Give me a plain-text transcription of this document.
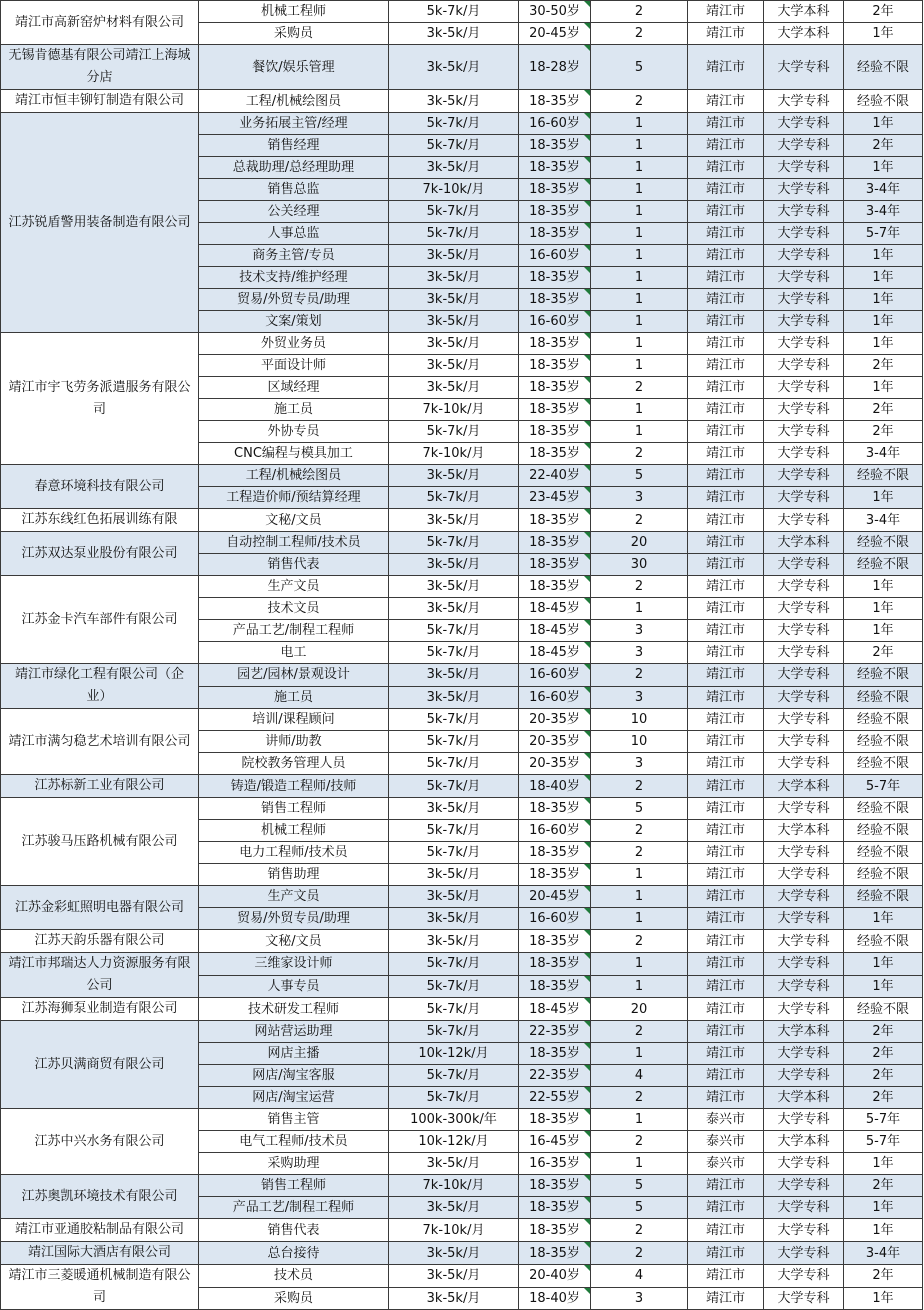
靖江市高新窑炉材料有限公司	机械工程师	5k-7k/月	30-50岁	2	靖江市	大学本科	2年
	采购员	3k-5k/月	20-45岁	2	靖江市	大学本科	1年
无锡肯德基有限公司靖江上海城分店	餐饮/娱乐管理	3k-5k/月	18-28岁	5	靖江市	大学专科	经验不限
靖江市恒丰铆钉制造有限公司	工程/机械绘图员	3k-5k/月	18-35岁	2	靖江市	大学专科	经验不限
江苏锐盾警用装备制造有限公司	业务拓展主管/经理	5k-7k/月	16-60岁	1	靖江市	大学专科	1年
	销售经理	5k-7k/月	18-35岁	1	靖江市	大学专科	2年
	总裁助理/总经理助理	3k-5k/月	18-35岁	1	靖江市	大学专科	1年
	销售总监	7k-10k/月	18-35岁	1	靖江市	大学专科	3-4年
	公关经理	5k-7k/月	18-35岁	1	靖江市	大学专科	3-4年
	人事总监	5k-7k/月	18-35岁	1	靖江市	大学专科	5-7年
	商务主管/专员	3k-5k/月	16-60岁	1	靖江市	大学专科	1年
	技术支持/维护经理	3k-5k/月	18-35岁	1	靖江市	大学专科	1年
	贸易/外贸专员/助理	3k-5k/月	18-35岁	1	靖江市	大学专科	1年
	文案/策划	3k-5k/月	16-60岁	1	靖江市	大学专科	1年
靖江市宇飞劳务派遣服务有限公司	外贸业务员	3k-5k/月	18-35岁	1	靖江市	大学专科	1年
	平面设计师	3k-5k/月	18-35岁	1	靖江市	大学专科	2年
	区域经理	3k-5k/月	18-35岁	2	靖江市	大学专科	1年
	施工员	7k-10k/月	18-35岁	1	靖江市	大学专科	2年
	外协专员	5k-7k/月	18-35岁	1	靖江市	大学专科	2年
	CNC编程与模具加工	7k-10k/月	18-35岁	2	靖江市	大学专科	3-4年
春意环境科技有限公司	工程/机械绘图员	3k-5k/月	22-40岁	5	靖江市	大学专科	经验不限
	工程造价师/预结算经理	5k-7k/月	23-45岁	3	靖江市	大学专科	1年
江苏东线红色拓展训练有限	文秘/文员	3k-5k/月	18-35岁	2	靖江市	大学专科	3-4年
江苏双达泵业股份有限公司	自动控制工程师/技术员	5k-7k/月	18-35岁	20	靖江市	大学本科	经验不限
	销售代表	3k-5k/月	18-35岁	30	靖江市	大学专科	经验不限
江苏金卡汽车部件有限公司	生产文员	3k-5k/月	18-35岁	2	靖江市	大学专科	1年
	技术文员	3k-5k/月	18-45岁	1	靖江市	大学专科	1年
	产品工艺/制程工程师	5k-7k/月	18-45岁	3	靖江市	大学专科	1年
	电工	5k-7k/月	18-45岁	3	靖江市	大学专科	2年
靖江市绿化工程有限公司（企业）	园艺/园林/景观设计	3k-5k/月	16-60岁	2	靖江市	大学专科	经验不限
	施工员	3k-5k/月	16-60岁	3	靖江市	大学专科	经验不限
靖江市满匀稳艺术培训有限公司	培训/课程顾问	5k-7k/月	20-35岁	10	靖江市	大学专科	经验不限
	讲师/助教	5k-7k/月	20-35岁	10	靖江市	大学专科	经验不限
	院校教务管理人员	5k-7k/月	20-35岁	3	靖江市	大学专科	经验不限
江苏标新工业有限公司	铸造/锻造工程师/技师	5k-7k/月	18-40岁	2	靖江市	大学本科	5-7年
江苏骏马压路机械有限公司	销售工程师	3k-5k/月	18-35岁	5	靖江市	大学专科	经验不限
	机械工程师	5k-7k/月	16-60岁	2	靖江市	大学本科	经验不限
	电力工程师/技术员	5k-7k/月	18-35岁	2	靖江市	大学专科	经验不限
	销售助理	3k-5k/月	18-35岁	1	靖江市	大学专科	经验不限
江苏金彩虹照明电器有限公司	生产文员	3k-5k/月	20-45岁	1	靖江市	大学专科	经验不限
	贸易/外贸专员/助理	3k-5k/月	16-60岁	1	靖江市	大学专科	1年
江苏天韵乐器有限公司	文秘/文员	3k-5k/月	18-35岁	2	靖江市	大学专科	经验不限
靖江市邦瑞达人力资源服务有限公司	三维家设计师	5k-7k/月	18-35岁	1	靖江市	大学专科	1年
	人事专员	5k-7k/月	18-35岁	1	靖江市	大学专科	1年
江苏海狮泵业制造有限公司	技术研发工程师	5k-7k/月	18-45岁	20	靖江市	大学专科	经验不限
江苏贝满商贸有限公司	网站营运助理	5k-7k/月	22-35岁	2	靖江市	大学本科	2年
	网店主播	10k-12k/月	18-35岁	1	靖江市	大学专科	2年
	网店/淘宝客服	5k-7k/月	22-35岁	4	靖江市	大学专科	2年
	网店/淘宝运营	5k-7k/月	22-55岁	2	靖江市	大学本科	2年
江苏中兴水务有限公司	销售主管	100k-300k/年	18-35岁	1	泰兴市	大学专科	5-7年
	电气工程师/技术员	10k-12k/月	16-45岁	2	泰兴市	大学本科	5-7年
	采购助理	3k-5k/月	16-35岁	1	泰兴市	大学专科	1年
江苏奥凯环境技术有限公司	销售工程师	7k-10k/月	18-35岁	5	靖江市	大学专科	2年
	产品工艺/制程工程师	3k-5k/月	18-35岁	5	靖江市	大学专科	1年
靖江市亚通胶粘制品有限公司	销售代表	7k-10k/月	18-35岁	2	靖江市	大学专科	1年
靖江国际大酒店有限公司	总台接待	3k-5k/月	18-35岁	2	靖江市	大学专科	3-4年
靖江市三菱暖通机械制造有限公司	技术员	3k-5k/月	20-40岁	4	靖江市	大学专科	2年
	采购员	3k-5k/月	18-40岁	3	靖江市	大学专科	1年
